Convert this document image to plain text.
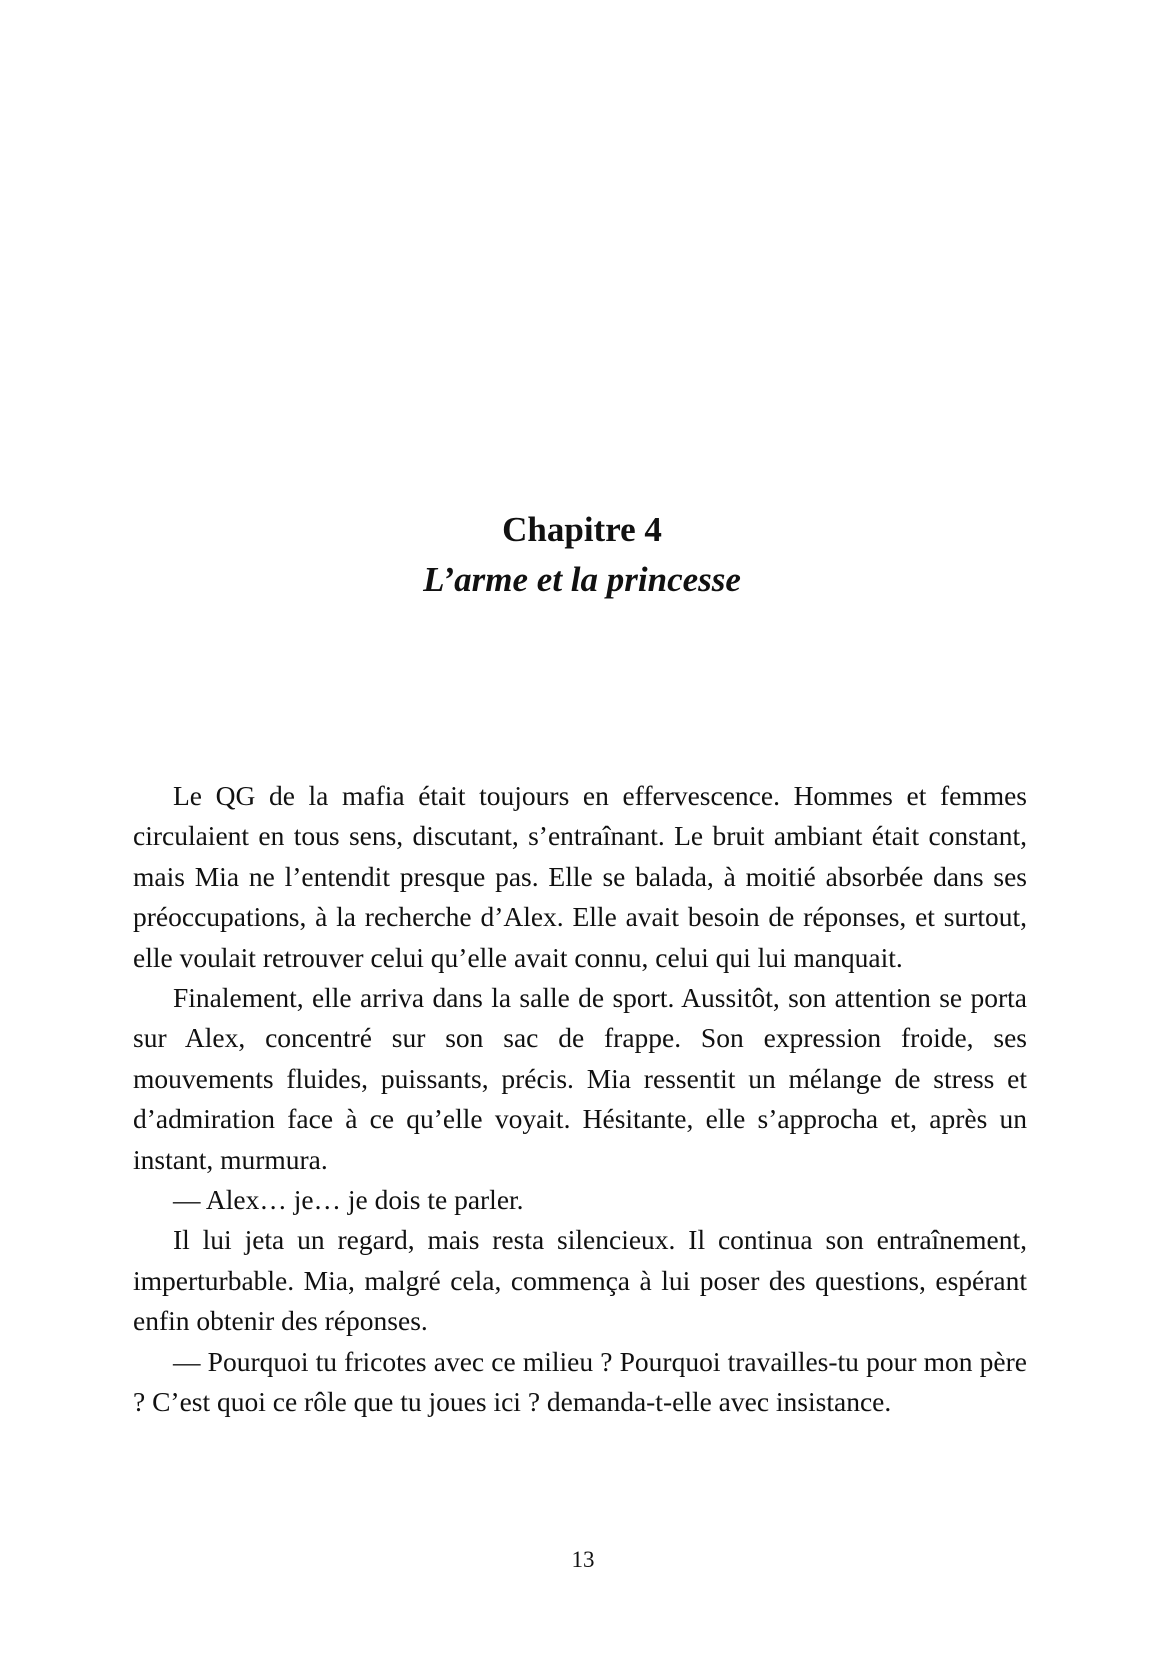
Chapitre 4
L’arme et la princesse

Le QG de la mafia était toujours en effervescence. Hommes et femmes circulaient en tous sens, discutant, s’entraînant. Le bruit ambiant était constant, mais Mia ne l’entendit presque pas. Elle se balada, à moitié absorbée dans ses préoccupations, à la recherche d’Alex. Elle avait besoin de réponses, et surtout, elle voulait retrouver celui qu’elle avait connu, celui qui lui manquait.

Finalement, elle arriva dans la salle de sport. Aussitôt, son attention se porta sur Alex, concentré sur son sac de frappe. Son expression froide, ses mouvements fluides, puissants, précis. Mia ressentit un mélange de stress et d’admiration face à ce qu’elle voyait. Hésitante, elle s’approcha et, après un instant, murmura.

— Alex… je… je dois te parler.

Il lui jeta un regard, mais resta silencieux. Il continua son entraînement, imperturbable. Mia, malgré cela, commença à lui poser des questions, espérant enfin obtenir des réponses.

— Pourquoi tu fricotes avec ce milieu ? Pourquoi travailles-tu pour mon père ? C’est quoi ce rôle que tu joues ici ? demanda-t-elle avec insistance.

13
